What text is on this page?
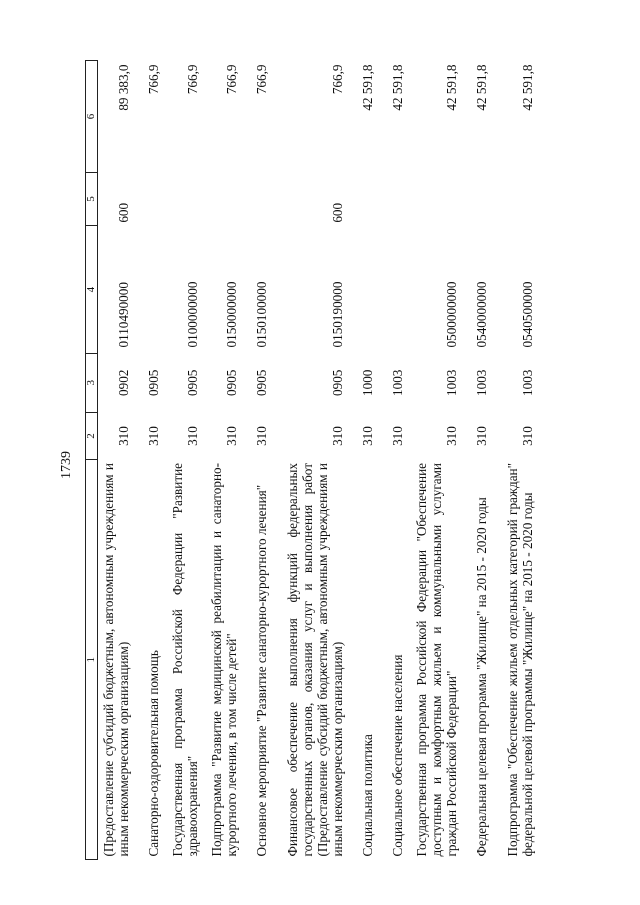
1739
1	2	3	4	5	6
(Предоставление субсидий бюджетным, автономным учреждениям и иным некоммерческим организациям)	310	0902	0110490000	600	89 383,0
Санаторно-оздоровительная помощь	310	0905			766,9
Государственная программа Российской Федерации "Развитие здравоохранения"	310	0905	0100000000		766,9
Подпрограмма "Развитие медицинской реабилитации и санаторно-курортного лечения, в том числе детей"	310	0905	0150000000		766,9
Основное мероприятие "Развитие санаторно-курортного лечения"	310	0905	0150100000		766,9
Финансовое обеспечение выполнения функций федеральных государственных органов, оказания услуг и выполнения работ (Предоставление субсидий бюджетным, автономным учреждениям и иным некоммерческим организациям)	310	0905	0150190000	600	766,9
Социальная политика	310	1000			42 591,8
Социальное обеспечение населения	310	1003			42 591,8
Государственная программа Российской Федерации "Обеспечение доступным и комфортным жильем и коммунальными услугами граждан Российской Федерации"	310	1003	0500000000		42 591,8
Федеральная целевая программа "Жилище" на 2015 - 2020 годы	310	1003	0540000000		42 591,8
Подпрограмма "Обеспечение жильем отдельных категорий граждан" федеральной целевой программы "Жилище" на 2015 - 2020 годы	310	1003	0540500000		42 591,8
